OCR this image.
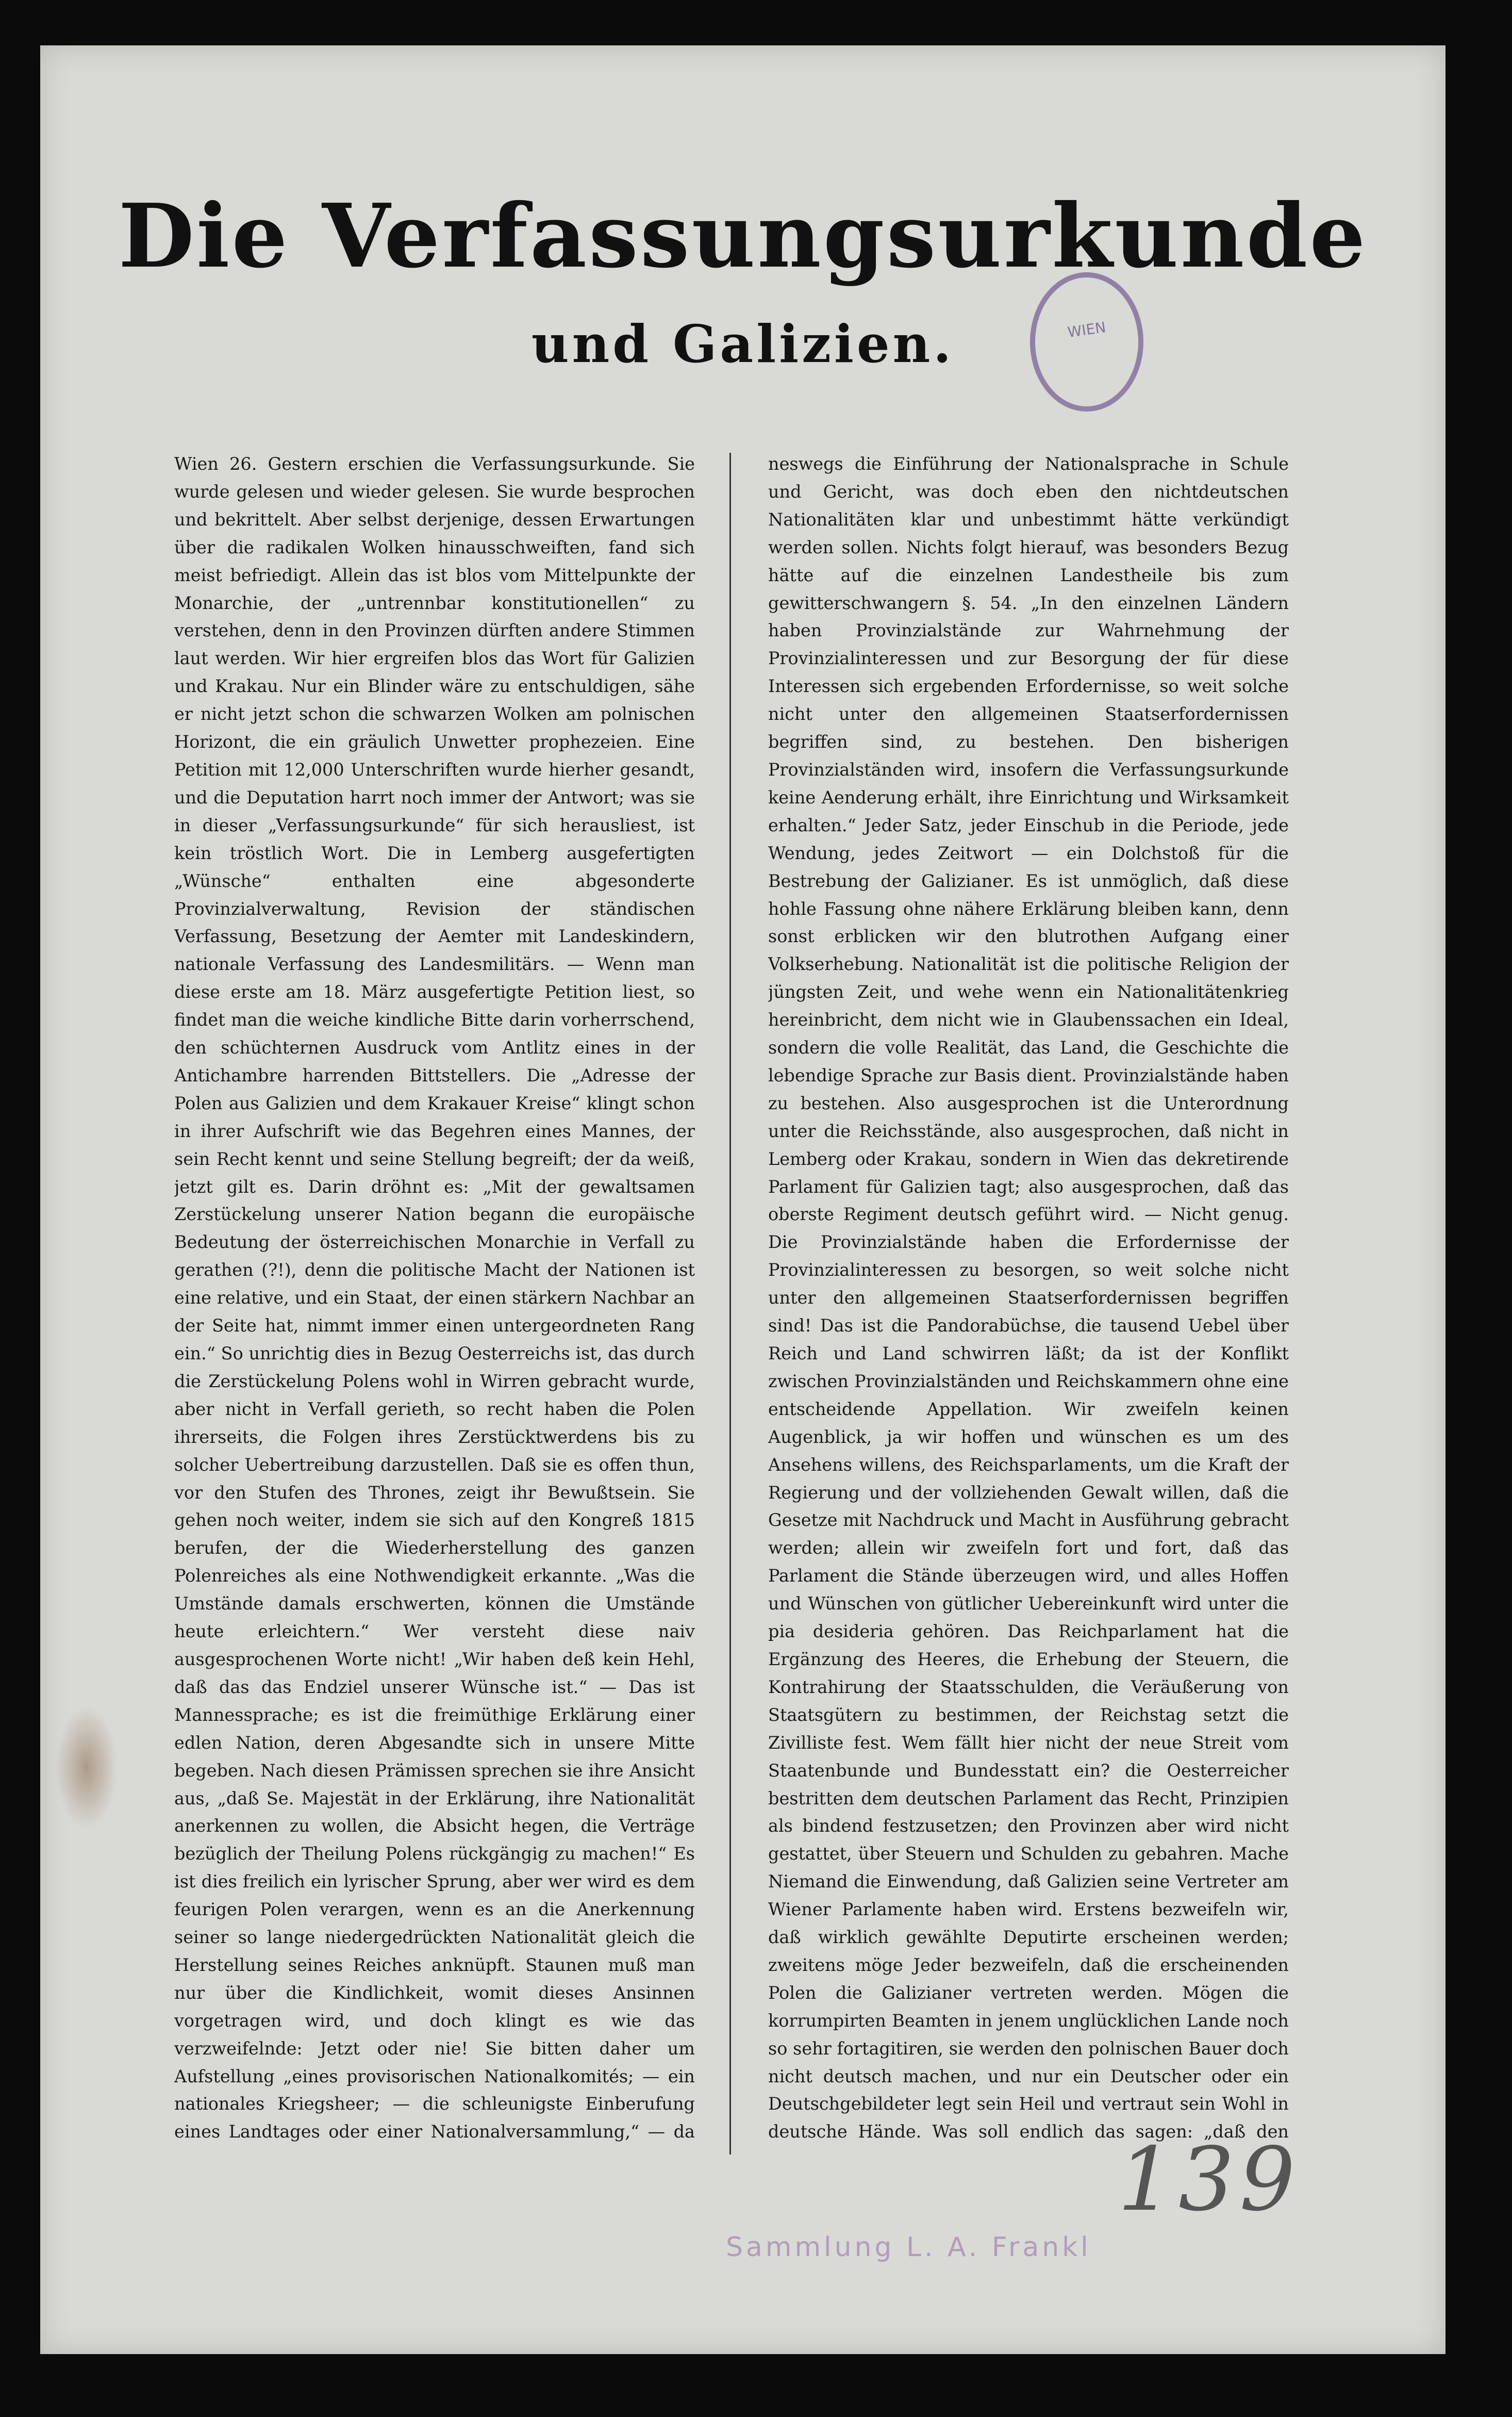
Die Verfassungsurkunde
und Galizien.	WIEN
Wien 26. Gestern erschien die Verfassungsurkunde. Sie wurde gelesen und wieder gelesen. Sie wurde besprochen und bekrittelt. Aber selbst derjenige, dessen Erwartungen über die radikalen Wolken hinausschweiften, fand sich meist befriedigt. Allein das ist blos vom Mittelpunkte der Monarchie, der „untrennbar konstitutionellen“ zu verstehen, denn in den Provinzen dürften andere Stimmen laut werden. Wir hier ergreifen blos das Wort für Galizien und Krakau. Nur ein Blinder wäre zu entschuldigen, sähe er nicht jetzt schon die schwarzen Wolken am polnischen Horizont, die ein gräulich Unwetter prophezeien. Eine Petition mit 12,000 Unterschriften wurde hierher gesandt, und die Deputation harrt noch immer der Antwort; was sie in dieser „Verfassungsurkunde“ für sich herausliest, ist kein tröstlich Wort. Die in Lemberg ausgefertigten „Wünsche“ enthalten eine abgesonderte Provinzialverwaltung, Revision der ständischen Verfassung, Besetzung der Aemter mit Landeskindern, nationale Verfassung des Landesmilitärs. — Wenn man diese erste am 18. März ausgefertigte Petition liest, so findet man die weiche kindliche Bitte darin vorherrschend, den schüchternen Ausdruck vom Antlitz eines in der Antichambre harrenden Bittstellers. Die „Adresse der Polen aus Galizien und dem Krakauer Kreise“ klingt schon in ihrer Aufschrift wie das Begehren eines Mannes, der sein Recht kennt und seine Stellung begreift; der da weiß, jetzt gilt es. Darin dröhnt es: „Mit der gewaltsamen Zerstückelung unserer Nation begann die europäische Bedeutung der österreichischen Monarchie in Verfall zu gerathen (?!), denn die politische Macht der Nationen ist eine relative, und ein Staat, der einen stärkern Nachbar an der Seite hat, nimmt immer einen untergeordneten Rang ein.“ So unrichtig dies in Bezug Oesterreichs ist, das durch die Zerstückelung Polens wohl in Wirren gebracht wurde, aber nicht in Verfall gerieth, so recht haben die Polen ihrerseits, die Folgen ihres Zerstücktwerdens bis zu solcher Uebertreibung darzustellen. Daß sie es offen thun, vor den Stufen des Thrones, zeigt ihr Bewußtsein. Sie gehen noch weiter, indem sie sich auf den Kongreß 1815 berufen, der die Wiederherstellung des ganzen Polenreiches als eine Nothwendigkeit erkannte. „Was die Umstände damals erschwerten, können die Umstände heute erleichtern.“ Wer versteht diese naiv ausgesprochenen Worte nicht! „Wir haben deß kein Hehl, daß das das Endziel unserer Wünsche ist.“ — Das ist Mannessprache; es ist die freimüthige Erklärung einer edlen Nation, deren Abgesandte sich in unsere Mitte begeben. Nach diesen Prämissen sprechen sie ihre Ansicht aus, „daß Se. Majestät in der Erklärung, ihre Nationalität anerkennen zu wollen, die Absicht hegen, die Verträge bezüglich der Theilung Polens rückgängig zu machen!“ Es ist dies freilich ein lyrischer Sprung, aber wer wird es dem feurigen Polen verargen, wenn es an die Anerkennung seiner so lange niedergedrückten Nationalität gleich die Herstellung seines Reiches anknüpft. Staunen muß man nur über die Kindlichkeit, womit dieses Ansinnen vorgetragen wird, und doch klingt es wie das verzweifelnde: Jetzt oder nie! Sie bitten daher um Aufstellung „eines provisorischen Nationalkomités; — ein nationales Kriegsheer; — die schleunigste Einberufung eines Landtages oder einer Nationalversammlung,“ — da
neswegs die Einführung der Nationalsprache in Schule und Gericht, was doch eben den nichtdeutschen Nationalitäten klar und unbestimmt hätte verkündigt werden sollen. Nichts folgt hierauf, was besonders Bezug hätte auf die einzelnen Landestheile bis zum gewitterschwangern §. 54. „In den einzelnen Ländern haben Provinzialstände zur Wahrnehmung der Provinzialinteressen und zur Besorgung der für diese Interessen sich ergebenden Erfordernisse, so weit solche nicht unter den allgemeinen Staatserfordernissen begriffen sind, zu bestehen. Den bisherigen Provinzialständen wird, insofern die Verfassungsurkunde keine Aenderung erhält, ihre Einrichtung und Wirksamkeit erhalten.“ Jeder Satz, jeder Einschub in die Periode, jede Wendung, jedes Zeitwort — ein Dolchstoß für die Bestrebung der Galizianer. Es ist unmöglich, daß diese hohle Fassung ohne nähere Erklärung bleiben kann, denn sonst erblicken wir den blutrothen Aufgang einer Volkserhebung. Nationalität ist die politische Religion der jüngsten Zeit, und wehe wenn ein Nationalitätenkrieg hereinbricht, dem nicht wie in Glaubenssachen ein Ideal, sondern die volle Realität, das Land, die Geschichte die lebendige Sprache zur Basis dient. Provinzialstände haben zu bestehen. Also ausgesprochen ist die Unterordnung unter die Reichsstände, also ausgesprochen, daß nicht in Lemberg oder Krakau, sondern in Wien das dekretirende Parlament für Galizien tagt; also ausgesprochen, daß das oberste Regiment deutsch geführt wird. — Nicht genug. Die Provinzialstände haben die Erfordernisse der Provinzialinteressen zu besorgen, so weit solche nicht unter den allgemeinen Staatserfordernissen begriffen sind! Das ist die Pandorabüchse, die tausend Uebel über Reich und Land schwirren läßt; da ist der Konflikt zwischen Provinzialständen und Reichskammern ohne eine entscheidende Appellation. Wir zweifeln keinen Augenblick, ja wir hoffen und wünschen es um des Ansehens willens, des Reichsparlaments, um die Kraft der Regierung und der vollziehenden Gewalt willen, daß die Gesetze mit Nachdruck und Macht in Ausführung gebracht werden; allein wir zweifeln fort und fort, daß das Parlament die Stände überzeugen wird, und alles Hoffen und Wünschen von gütlicher Uebereinkunft wird unter die pia desideria gehören. Das Reichparlament hat die Ergänzung des Heeres, die Erhebung der Steuern, die Kontrahirung der Staatsschulden, die Veräußerung von Staatsgütern zu bestimmen, der Reichstag setzt die Zivilliste fest. Wem fällt hier nicht der neue Streit vom Staatenbunde und Bundesstatt ein? die Oesterreicher bestritten dem deutschen Parlament das Recht, Prinzipien als bindend festzusetzen; den Provinzen aber wird nicht gestattet, über Steuern und Schulden zu gebahren. Mache Niemand die Einwendung, daß Galizien seine Vertreter am Wiener Parlamente haben wird. Erstens bezweifeln wir, daß wirklich gewählte Deputirte erscheinen werden; zweitens möge Jeder bezweifeln, daß die erscheinenden Polen die Galizianer vertreten werden. Mögen die korrumpirten Beamten in jenem unglücklichen Lande noch so sehr fortagitiren, sie werden den polnischen Bauer doch nicht deutsch machen, und nur ein Deutscher oder ein Deutschgebildeter legt sein Heil und vertraut sein Wohl in deutsche Hände. Was soll endlich das sagen: „daß den
139
Sammlung L. A. Frankl
